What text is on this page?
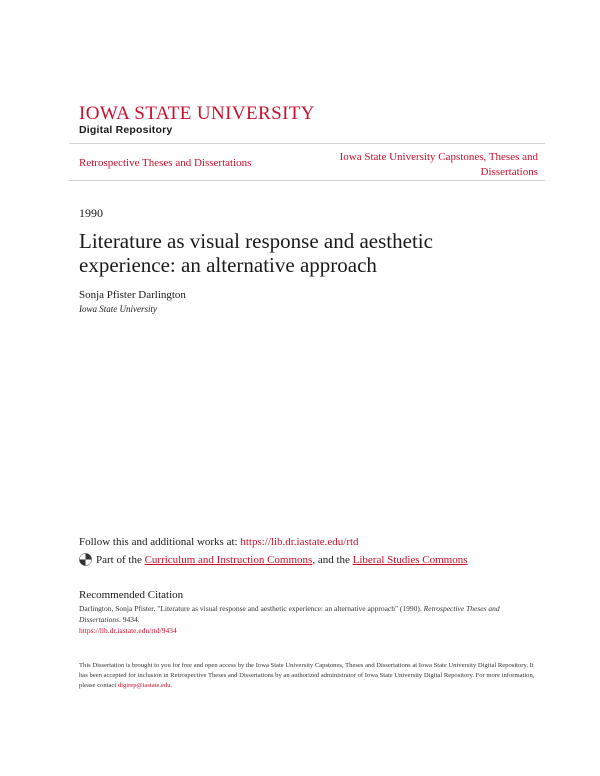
IOWA STATE UNIVERSITY
Digital Repository
Retrospective Theses and Dissertations	Iowa State University Capstones, Theses and Dissertations
1990
Literature as visual response and aesthetic experience: an alternative approach
Sonja Pfister Darlington
Iowa State University
Follow this and additional works at: https://lib.dr.iastate.edu/rtd
Part of the
Curriculum and Instruction Commons , and the
Liberal Studies Commons
Recommended Citation
Darlington, Sonja Pfister, "Literature as visual response and aesthetic experience: an alternative approach" (1990). Retrospective Theses and Dissertations. 9434.
https://lib.dr.iastate.edu/rtd/9434
This Dissertation is brought to you for free and open access by the Iowa State University Capstones, Theses and Dissertations at Iowa State University Digital Repository. It has been accepted for inclusion in Retrospective Theses and Dissertations by an authorized administrator of Iowa State University Digital Repository. For more information, please contact digirep@iastate.edu.
